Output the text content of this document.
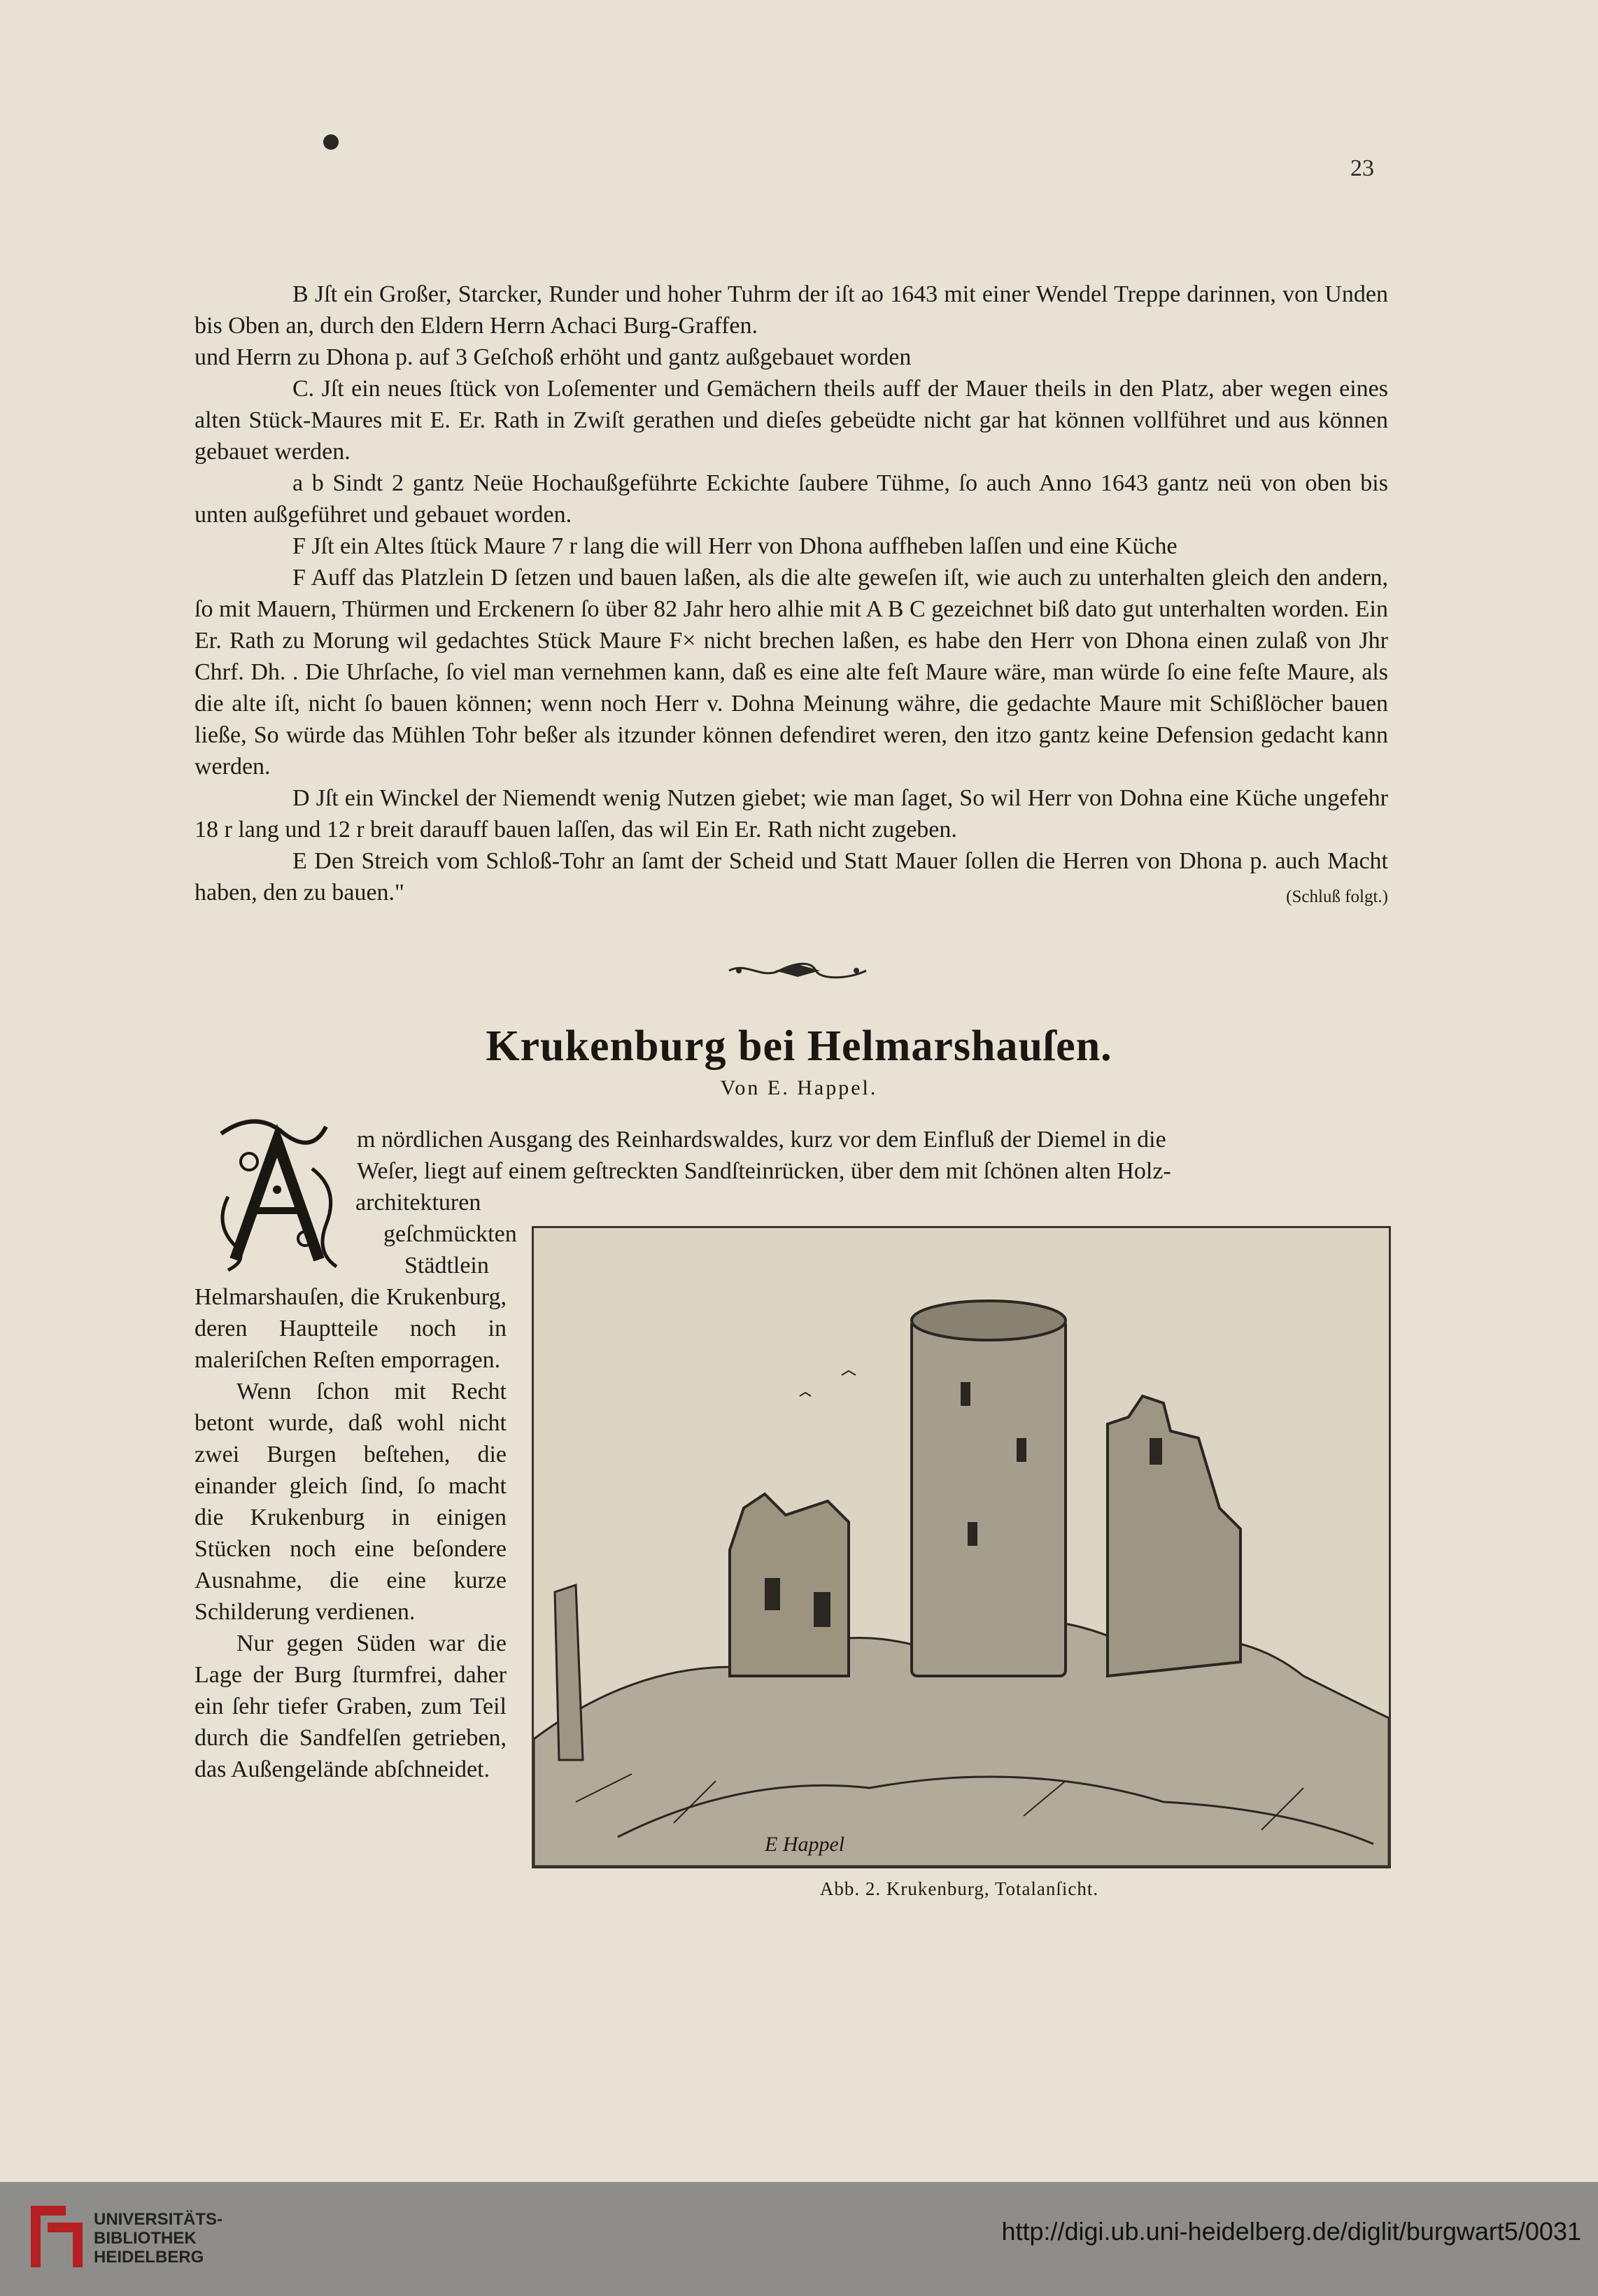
23

B Jſt ein Großer, Starcker, Runder und hoher Tuhrm der iſt ao 1643 mit einer Wendel Treppe darinnen, von Unden bis Oben an, durch den Eldern Herrn Achaci Burg-Graffen.

und Herrn zu Dhona p. auf 3 Geſchoß erhöht und gantz außgebauet worden

C. Jſt ein neues ſtück von Loſementer und Gemächern theils auff der Mauer theils in den Platz, aber wegen eines alten Stück-Maures mit E. Er. Rath in Zwiſt gerathen und dieſes gebeüdte nicht gar hat können vollführet und aus können gebauet werden.

a b Sindt 2 gantz Neüe Hochaußgeführte Eckichte ſaubere Tühme, ſo auch Anno 1643 gantz neü von oben bis unten außgeführet und gebauet worden.

F Jſt ein Altes ſtück Maure 7 r lang die will Herr von Dhona auffheben laſſen und eine Küche

F Auff das Platzlein D ſetzen und bauen laßen, als die alte geweſen iſt, wie auch zu unterhalten gleich den andern, ſo mit Mauern, Thürmen und Erckenern ſo über 82 Jahr hero alhie mit A B C gezeichnet biß dato gut unterhalten worden. Ein Er. Rath zu Morung wil gedachtes Stück Maure F× nicht brechen laßen, es habe den Herr von Dhona einen zulaß von Jhr Chrf. Dh. . Die Uhrſache, ſo viel man vernehmen kann, daß es eine alte feſt Maure wäre, man würde ſo eine feſte Maure, als die alte iſt, nicht ſo bauen können; wenn noch Herr v. Dohna Meinung währe, die gedachte Maure mit Schißlöcher bauen ließe, So würde das Mühlen Tohr beßer als itzunder können defendiret weren, den itzo gantz keine Defension gedacht kann werden.

D Jſt ein Winckel der Niemendt wenig Nutzen giebet; wie man ſaget, So wil Herr von Dohna eine Küche ungefehr 18 r lang und 12 r breit darauff bauen laſſen, das wil Ein Er. Rath nicht zugeben.

E Den Streich vom Schloß-Tohr an ſamt der Scheid und Statt Mauer ſollen die Herren von Dhona p. auch Macht haben, den zu bauen."	(Schluß folgt.)

Krukenburg bei Helmarshauſen.
Von E. Happel.

m nördlichen Ausgang des Reinhardswaldes, kurz vor dem Einfluß der Diemel in die

Weſer, liegt auf einem geſtreckten Sandſteinrücken, über dem mit ſchönen alten Holz-

architekturen

geſchmückten

Städtlein

Helmarshauſen, die Krukenburg, deren Hauptteile noch in maleriſchen Reſten emporragen.

Wenn ſchon mit Recht betont wurde, daß wohl nicht zwei Burgen beſtehen, die einander gleich ſind, ſo macht die Krukenburg in einigen Stücken noch eine beſondere Ausnahme, die eine kurze Schilderung verdienen.

Nur gegen Süden war die Lage der Burg ſturmfrei, daher ein ſehr tiefer Graben, zum Teil durch die Sandfelſen getrieben, das Außengelände abſchneidet.

E Happel
Abb. 2. Krukenburg, Totalanſicht.
UNIVERSITÄTS-
BIBLIOTHEK
HEIDELBERG
http://digi.ub.uni-heidelberg.de/diglit/burgwart5/0031
